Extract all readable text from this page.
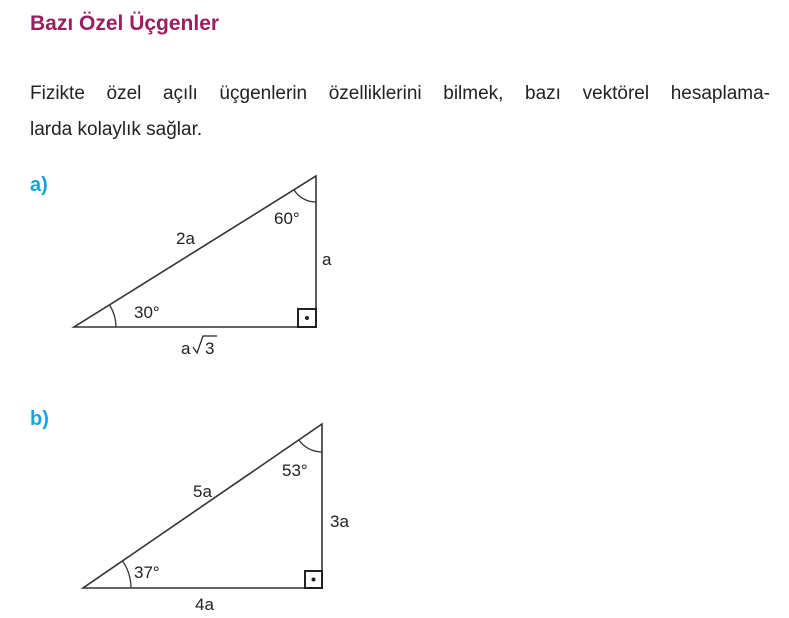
Bazı Özel Üçgenler
Fizikte özel açılı üçgenlerin özelliklerini bilmek, bazı vektörel hesaplama-
larda kolaylık sağlar.
a)
b)
60°
30°
2a
a
a 3
53°
37°
5a
3a
4a
